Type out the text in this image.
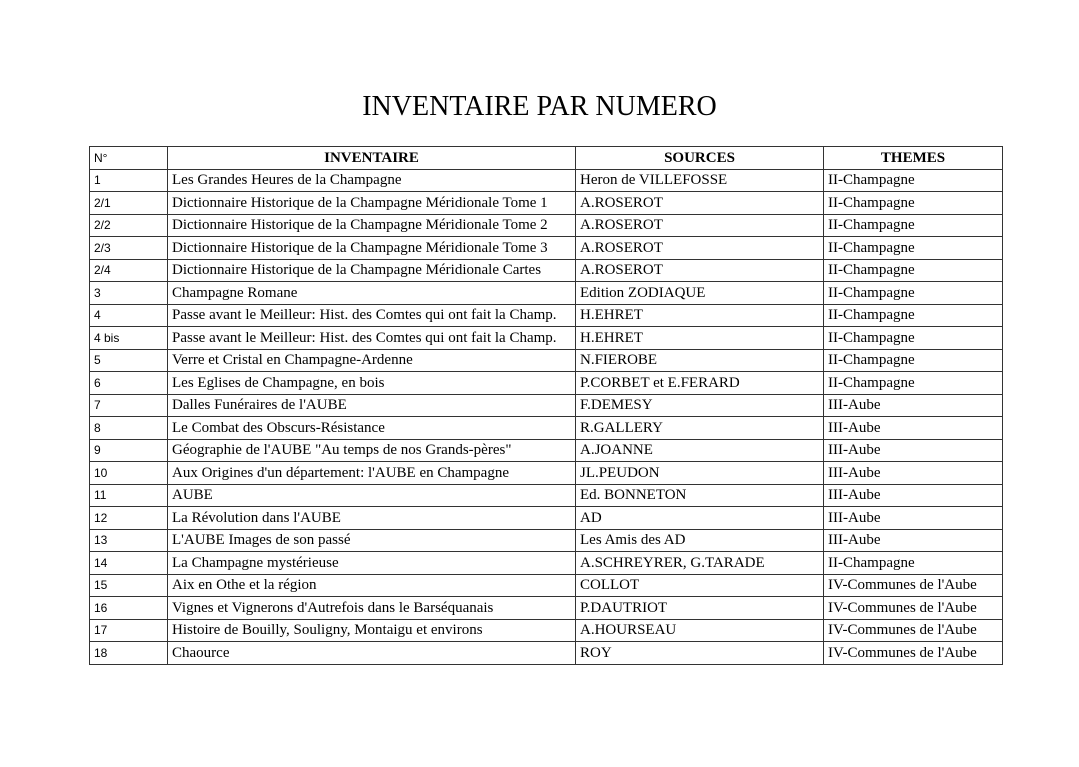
INVENTAIRE PAR NUMERO
N°	INVENTAIRE	SOURCES	THEMES
1	Les Grandes Heures de la Champagne	Heron de VILLEFOSSE	II-Champagne
2/1	Dictionnaire Historique de la Champagne Méridionale Tome 1	A.ROSEROT	II-Champagne
2/2	Dictionnaire Historique de la Champagne Méridionale Tome 2	A.ROSEROT	II-Champagne
2/3	Dictionnaire Historique de la Champagne Méridionale Tome 3	A.ROSEROT	II-Champagne
2/4	Dictionnaire Historique de la Champagne Méridionale Cartes	A.ROSEROT	II-Champagne
3	Champagne Romane	Edition ZODIAQUE	II-Champagne
4	Passe avant le Meilleur: Hist. des Comtes qui ont fait la Champ.	H.EHRET	II-Champagne
4 bis	Passe avant le Meilleur: Hist. des Comtes qui ont fait la Champ.	H.EHRET	II-Champagne
5	Verre et Cristal en Champagne-Ardenne	N.FIEROBE	II-Champagne
6	Les Eglises de Champagne, en bois	P.CORBET et E.FERARD	II-Champagne
7	Dalles Funéraires de l'AUBE	F.DEMESY	III-Aube
8	Le Combat des Obscurs-Résistance	R.GALLERY	III-Aube
9	Géographie de l'AUBE "Au temps de nos Grands-pères"	A.JOANNE	III-Aube
10	Aux Origines d'un département: l'AUBE en Champagne	JL.PEUDON	III-Aube
11	AUBE	Ed. BONNETON	III-Aube
12	La Révolution dans l'AUBE	AD	III-Aube
13	L'AUBE Images de son passé	Les Amis des AD	III-Aube
14	La Champagne mystérieuse	A.SCHREYRER, G.TARADE	II-Champagne
15	Aix en Othe et la région	COLLOT	IV-Communes de l'Aube
16	Vignes et Vignerons d'Autrefois dans le Barséquanais	P.DAUTRIOT	IV-Communes de l'Aube
17	Histoire de Bouilly, Souligny, Montaigu et environs	A.HOURSEAU	IV-Communes de l'Aube
18	Chaource	ROY	IV-Communes de l'Aube
